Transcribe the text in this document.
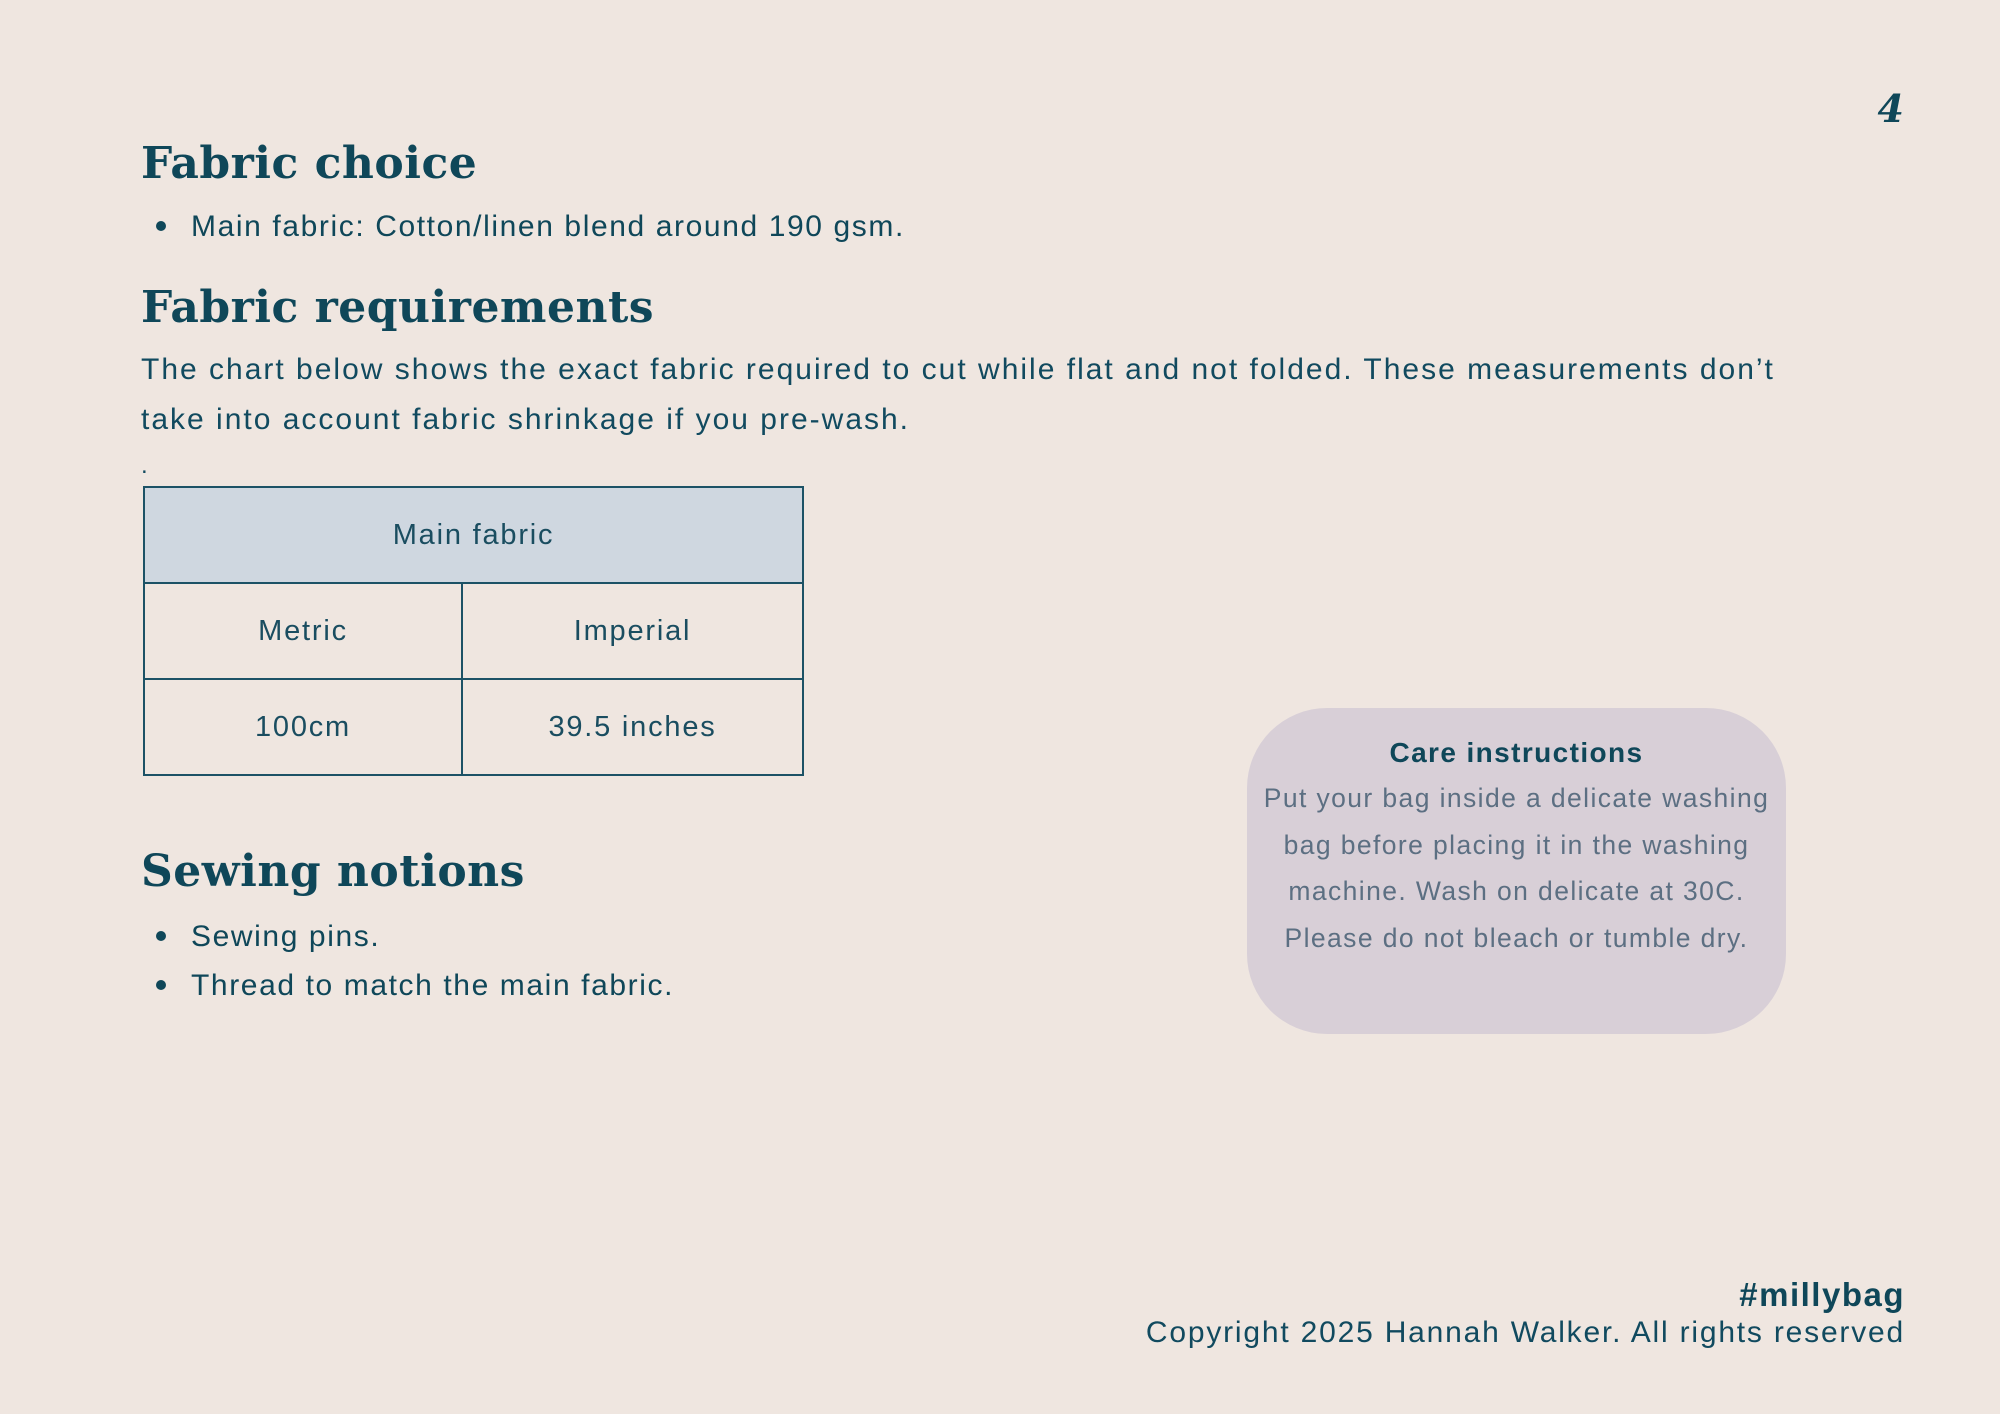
4
Fabric choice
Main fabric: Cotton/linen blend around 190 gsm.
Fabric requirements

The chart below shows the exact fabric required to cut while flat and not folded. These measurements don’t take into account fabric shrinkage if you pre-wash.

.
Main fabric	
Metric	Imperial
100cm	39.5 inches
Sewing notions
Sewing pins.
Thread to match the main fabric.

Care instructions

Put your bag inside a delicate washing bag before placing it in the washing machine. Wash on delicate at 30C. Please do not bleach or tumble dry.

#millybag
Copyright 2025 Hannah Walker. All rights reserved
